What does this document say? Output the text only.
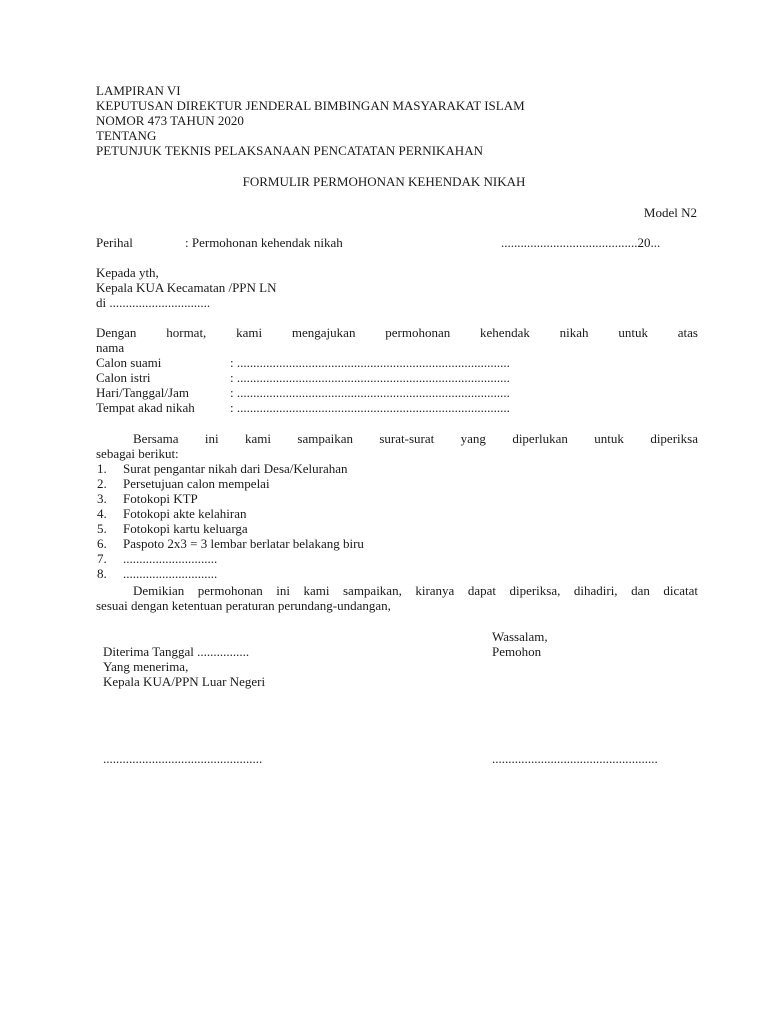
LAMPIRAN VI
KEPUTUSAN DIREKTUR JENDERAL BIMBINGAN MASYARAKAT ISLAM
NOMOR 473 TAHUN 2020
TENTANG
PETUNJUK TEKNIS PELAKSANAAN PENCATATAN PERNIKAHAN
FORMULIR PERMOHONAN KEHENDAK NIKAH
Model N2
Perihal	: Permohonan kehendak nikah	..........................................20...
Kepada yth,
Kepala KUA Kecamatan /PPN LN
di ...............................
Dengan hormat, kami mengajukan permohonan kehendak nikah untuk atas
nama
Calon suami	: ....................................................................................
Calon istri	: ....................................................................................
Hari/Tanggal/Jam	: ....................................................................................
Tempat akad nikah	: ....................................................................................
Bersama ini kami sampaikan surat-surat yang diperlukan untuk diperiksa
sebagai berikut:
1.	Surat pengantar nikah dari Desa/Kelurahan
2.	Persetujuan calon mempelai
3.	Fotokopi KTP
4.	Fotokopi akte kelahiran
5.	Fotokopi kartu keluarga
6.	Paspoto 2x3 = 3 lembar berlatar belakang biru
7.	.............................
8.	.............................
Demikian permohonan ini kami sampaikan, kiranya dapat diperiksa, dihadiri, dan dicatat
sesuai dengan ketentuan peraturan perundang-undangan,
Wassalam,
Pemohon
Diterima Tanggal ................
Yang menerima,
Kepala KUA/PPN Luar Negeri
.................................................	...................................................
